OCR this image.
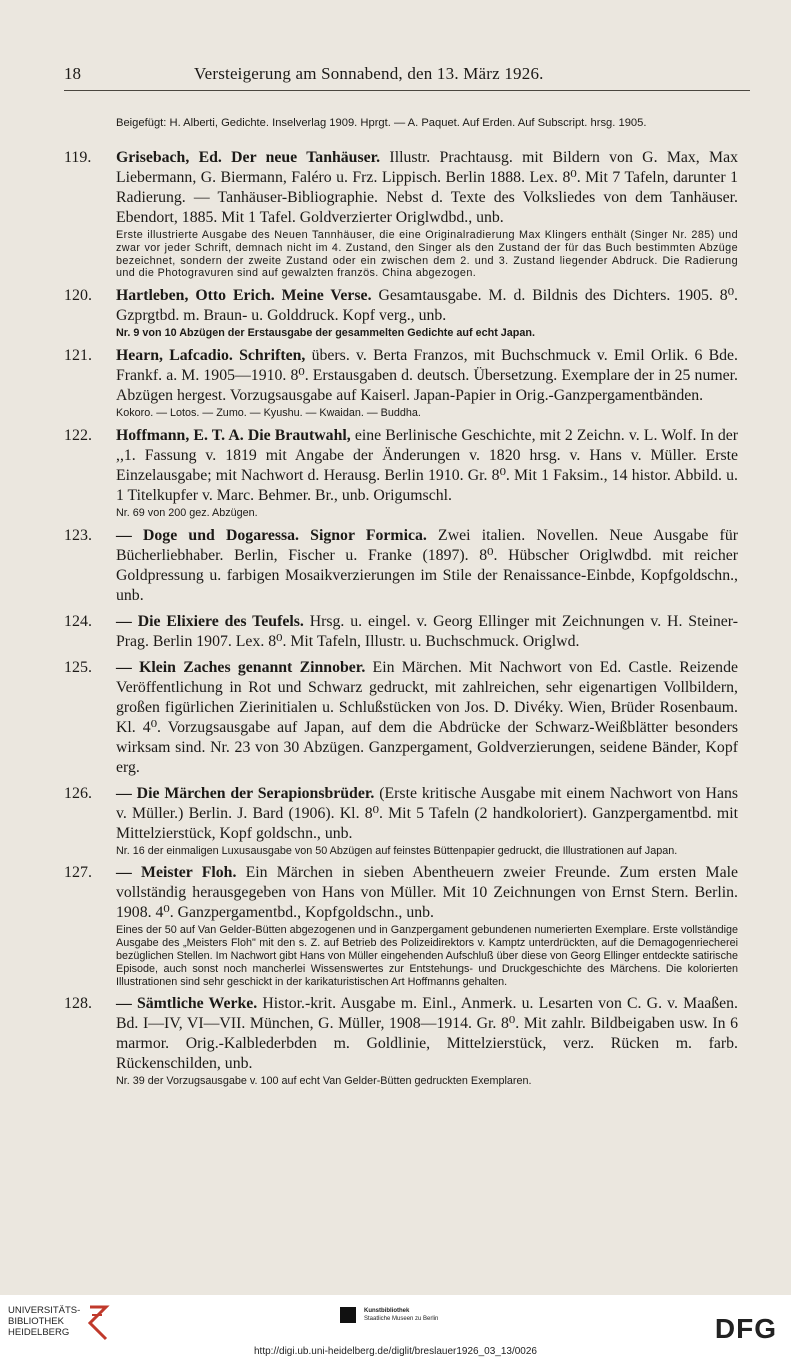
18	Versteigerung am Sonnabend, den 13. März 1926.
Beigefügt: H. Alberti, Gedichte. Inselverlag 1909. Hprgt. — A. Paquet. Auf Erden. Auf Subscript. hrsg. 1905.
119. Grisebach, Ed. Der neue Tanhäuser. Illustr. Prachtausg. mit Bildern von G. Max, Max Liebermann, G. Biermann, Faléro u. Frz. Lippisch. Berlin 1888. Lex. 8⁰. Mit 7 Tafeln, darunter 1 Radierung. — Tanhäuser-Bibliographie. Nebst d. Texte des Volksliedes von dem Tanhäuser. Ebendort, 1885. Mit 1 Tafel. Goldverzierter Origlwdbd., unb.
Erste illustrierte Ausgabe des Neuen Tannhäuser, die eine Originalradierung Max Klingers enthält (Singer Nr. 285) und zwar vor jeder Schrift, demnach nicht im 4. Zustand, den Singer als den Zustand der für das Buch bestimmten Abzüge bezeichnet, sondern der zweite Zustand oder ein zwischen dem 2. und 3. Zustand liegender Abdruck. Die Radierung und die Photogravuren sind auf gewalzten französ. China abgezogen.
120. Hartleben, Otto Erich. Meine Verse. Gesamtausgabe. M. d. Bildnis des Dichters. 1905. 8⁰. Gzprgtbd. m. Braun- u. Golddruck. Kopf verg., unb.
Nr. 9 von 10 Abzügen der Erstausgabe der gesammelten Gedichte auf echt Japan.
121. Hearn, Lafcadio. Schriften, übers. v. Berta Franzos, mit Buchschmuck v. Emil Orlik. 6 Bde. Frankf. a. M. 1905—1910. 8⁰. Erstausgaben d. deutsch. Übersetzung. Exemplare der in 25 numer. Abzügen hergest. Vorzugsausgabe auf Kaiserl. Japan-Papier in Orig.-Ganzpergamentbänden.
Kokoro. — Lotos. — Zumo. — Kyushu. — Kwaidan. — Buddha.
122. Hoffmann, E. T. A. Die Brautwahl, eine Berlinische Geschichte, mit 2 Zeichn. v. L. Wolf. In der ,,1. Fassung v. 1819 mit Angabe der Änderungen v. 1820 hrsg. v. Hans v. Müller. Erste Einzelausgabe; mit Nachwort d. Herausg. Berlin 1910. Gr. 8⁰. Mit 1 Faksim., 14 histor. Abbild. u. 1 Titelkupfer v. Marc. Behmer. Br., unb. Origumschl.
Nr. 69 von 200 gez. Abzügen.
123. — Doge und Dogaressa. Signor Formica. Zwei italien. Novellen. Neue Ausgabe für Bücherliebhaber. Berlin, Fischer u. Franke (1897). 8⁰. Hübscher Origlwdbd. mit reicher Goldpressung u. farbigen Mosaikverzierungen im Stile der Renaissance-Einbde, Kopfgoldschn., unb.
124. — Die Elixiere des Teufels. Hrsg. u. eingel. v. Georg Ellinger mit Zeichnungen v. H. Steiner-Prag. Berlin 1907. Lex. 8⁰. Mit Tafeln, Illustr. u. Buchschmuck. Origlwd.
125. — Klein Zaches genannt Zinnober. Ein Märchen. Mit Nachwort von Ed. Castle. Reizende Veröffentlichung in Rot und Schwarz gedruckt, mit zahlreichen, sehr eigenartigen Vollbildern, großen figürlichen Zierinitialen u. Schlußstücken von Jos. D. Divéky. Wien, Brüder Rosenbaum. Kl. 4⁰. Vorzugsausgabe auf Japan, auf dem die Abdrücke der Schwarz-Weißblätter besonders wirksam sind. Nr. 23 von 30 Abzügen. Ganzpergament, Goldverzierungen, seidene Bänder, Kopf erg.
126. — Die Märchen der Serapionsbrüder. (Erste kritische Ausgabe mit einem Nachwort von Hans v. Müller.) Berlin. J. Bard (1906). Kl. 8⁰. Mit 5 Tafeln (2 handkoloriert). Ganzpergamentbd. mit Mittelzierstück, Kopf goldschn., unb.
Nr. 16 der einmaligen Luxusausgabe von 50 Abzügen auf feinstes Büttenpapier gedruckt, die Illustrationen auf Japan.
127. — Meister Floh. Ein Märchen in sieben Abentheuern zweier Freunde. Zum ersten Male vollständig herausgegeben von Hans von Müller. Mit 10 Zeichnungen von Ernst Stern. Berlin. 1908. 4⁰. Ganzpergamentbd., Kopfgoldschn., unb.
Eines der 50 auf Van Gelder-Bütten abgezogenen und in Ganzpergament gebundenen numerierten Exemplare. Erste vollständige Ausgabe des „Meisters Floh" mit den s. Z. auf Betrieb des Polizeidirektors v. Kamptz unterdrückten, auf die Demagogenriecherei bezüglichen Stellen. Im Nachwort gibt Hans von Müller eingehenden Aufschluß über diese von Georg Ellinger entdeckte satirische Episode, auch sonst noch mancherlei Wissenswertes zur Entstehungs- und Druckgeschichte des Märchens. Die kolorierten Illustrationen sind sehr geschickt in der karikaturistischen Art Hoffmanns gehalten.
128. — Sämtliche Werke. Histor.-krit. Ausgabe m. Einl., Anmerk. u. Lesarten von C. G. v. Maaßen. Bd. I—IV, VI—VII. München, G. Müller, 1908—1914. Gr. 8⁰. Mit zahlr. Bildbeigaben usw. In 6 marmor. Orig.-Kalblederbden m. Goldlinie, Mittelzierstück, verz. Rücken m. farb. Rückenschilden, unb.
Nr. 39 der Vorzugsausgabe v. 100 auf echt Van Gelder-Bütten gedruckten Exemplaren.
UNIVERSITÄTS-
BIBLIOTHEK
HEIDELBERG
Kunstbibliothek
Staatliche Museen zu Berlin	DFG
http://digi.ub.uni-heidelberg.de/diglit/breslauer1926_03_13/0026
